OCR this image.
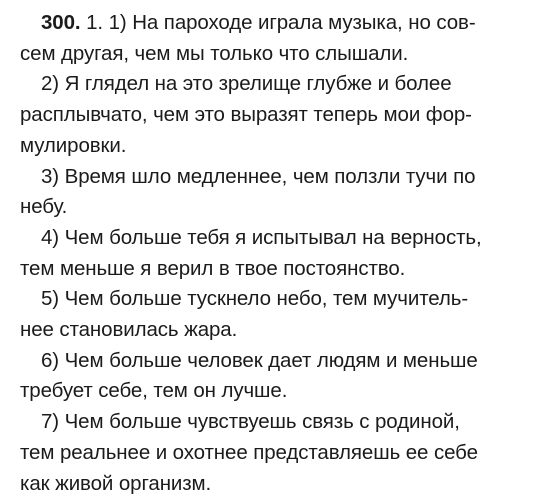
300. 1. 1) На пароходе играла музыка, но сов-
сем другая, чем мы только что слышали.
2) Я глядел на это зрелище глубже и более
расплывчато, чем это выразят теперь мои фор-
мулировки.
3) Время шло медленнее, чем ползли тучи по
небу.
4) Чем больше тебя я испытывал на верность,
тем меньше я верил в твое постоянство.
5) Чем больше тускнело небо, тем мучитель-
нее становилась жара.
6) Чем больше человек дает людям и меньше
требует себе, тем он лучше.
7) Чем больше чувствуешь связь с родиной,
тем реальнее и охотнее представляешь ее себе
как живой организм.
